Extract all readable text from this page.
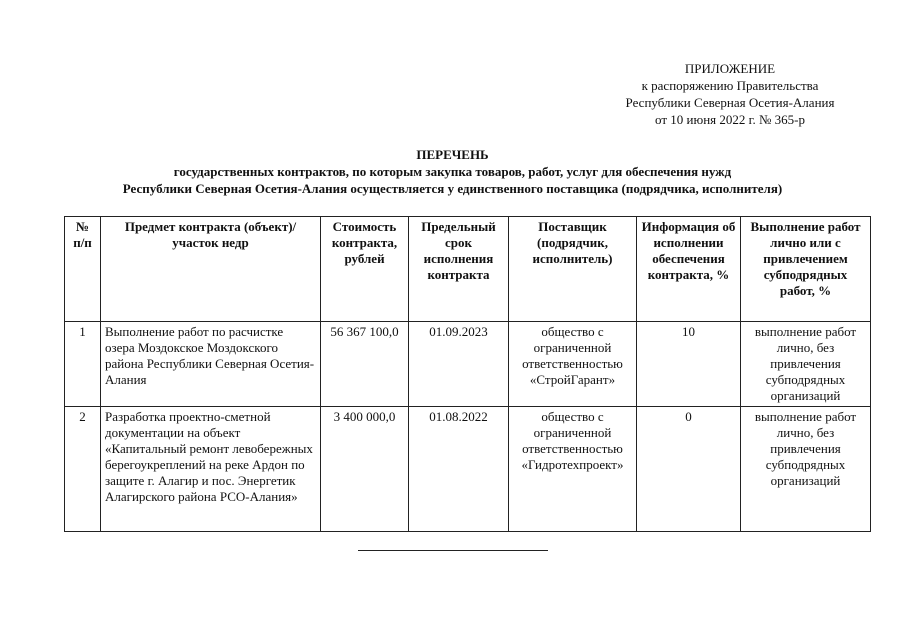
ПРИЛОЖЕНИЕ
к распоряжению Правительства
Республики Северная Осетия-Алания
от 10 июня 2022 г. № 365-р
ПЕРЕЧЕНЬ
государственных контрактов, по которым закупка товаров, работ, услуг для обеспечения нужд
Республики Северная Осетия-Алания осуществляется у единственного поставщика (подрядчика, исполнителя)
№ п/п	Предмет контракта (объект)/участок недр	Стоимость контракта, рублей	Предельный срок исполнения контракта	Поставщик (подрядчик, исполнитель)	Информация об исполнении обеспечения контракта, %	Выполнение работ лично или с привлечением субподрядных работ, %
1	Выполнение работ по расчистке озера Моздокское Моздокского района Республики Северная Осетия-Алания	56 367 100,0	01.09.2023	общество с ограниченной ответственностью «СтройГарант»	10	выполнение работ лично, без привлечения субподрядных организаций
2	Разработка проектно-сметной документации на объект «Капитальный ремонт левобережных берегоукреплений на реке Ардон по защите г. Алагир и пос. Энергетик Алагирского района РСО-Алания»	3 400 000,0	01.08.2022	общество с ограниченной ответственностью «Гидротехпроект»	0	выполнение работ лично, без привлечения субподрядных организаций
